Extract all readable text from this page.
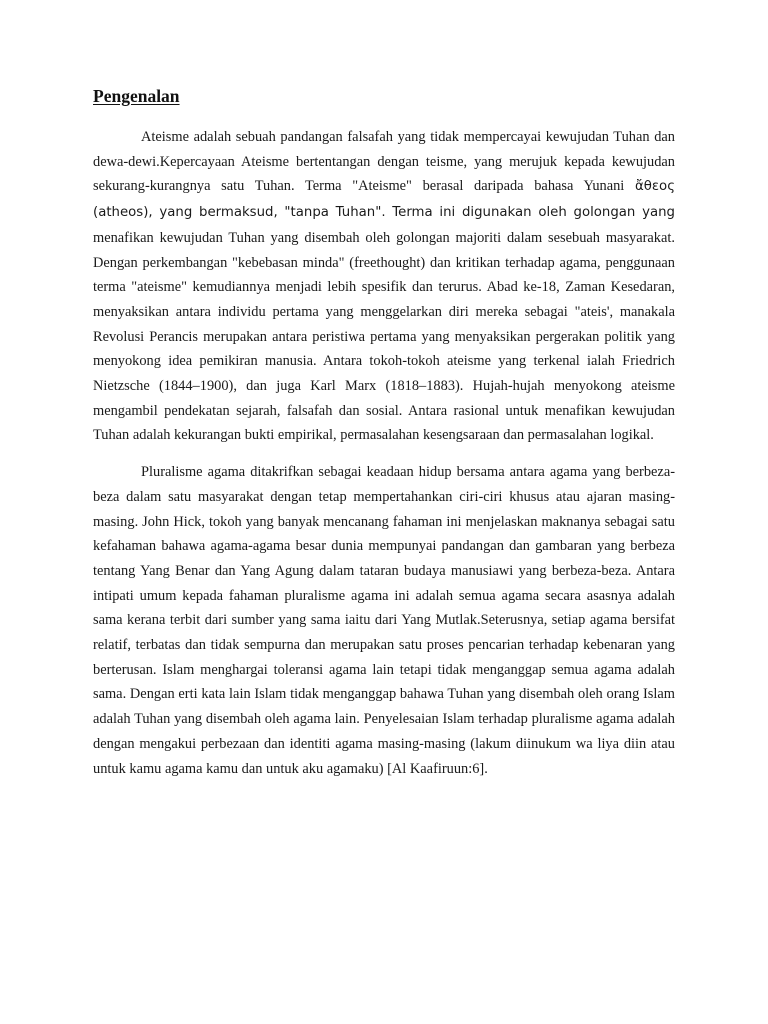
Pengenalan

Ateisme adalah sebuah pandangan falsafah yang tidak mempercayai kewujudan Tuhan dan dewa-dewi.Kepercayaan Ateisme bertentangan dengan teisme, yang merujuk kepada kewujudan sekurang-kurangnya satu Tuhan. Terma "Ateisme" berasal daripada bahasa Yunani ἄθεος (atheos), yang bermaksud, "tanpa Tuhan". Terma ini digunakan oleh golongan yang menafikan kewujudan Tuhan yang disembah oleh golongan majoriti dalam sesebuah masyarakat. Dengan perkembangan "kebebasan minda" (freethought) dan kritikan terhadap agama, penggunaan terma "ateisme" kemudiannya menjadi lebih spesifik dan terurus. Abad ke-18, Zaman Kesedaran, menyaksikan antara individu pertama yang menggelarkan diri mereka sebagai "ateis', manakala Revolusi Perancis merupakan antara peristiwa pertama yang menyaksikan pergerakan politik yang menyokong idea pemikiran manusia. Antara tokoh-tokoh ateisme yang terkenal ialah Friedrich Nietzsche (1844–1900), dan juga Karl Marx (1818–1883). Hujah-hujah menyokong ateisme mengambil pendekatan sejarah, falsafah dan sosial. Antara rasional untuk menafikan kewujudan Tuhan adalah kekurangan bukti empirikal, permasalahan kesengsaraan dan permasalahan logikal.

Pluralisme agama ditakrifkan sebagai keadaan hidup bersama antara agama yang berbeza-beza dalam satu masyarakat dengan tetap mempertahankan ciri-ciri khusus atau ajaran masing-masing. John Hick, tokoh yang banyak mencanang fahaman ini menjelaskan maknanya sebagai satu kefahaman bahawa agama-agama besar dunia mempunyai pandangan dan gambaran yang berbeza tentang Yang Benar dan Yang Agung dalam tataran budaya manusiawi yang berbeza-beza. Antara intipati umum kepada fahaman pluralisme agama ini adalah semua agama secara asasnya adalah sama kerana terbit dari sumber yang sama iaitu dari Yang Mutlak.Seterusnya, setiap agama bersifat relatif, terbatas dan tidak sempurna dan merupakan satu proses pencarian terhadap kebenaran yang berterusan. Islam menghargai toleransi agama lain tetapi tidak menganggap semua agama adalah sama. Dengan erti kata lain Islam tidak menganggap bahawa Tuhan yang disembah oleh orang Islam adalah Tuhan yang disembah oleh agama lain. Penyelesaian Islam terhadap pluralisme agama adalah dengan mengakui perbezaan dan identiti agama masing-masing (lakum diinukum wa liya diin atau untuk kamu agama kamu dan untuk aku agamaku) [Al Kaafiruun:6].
